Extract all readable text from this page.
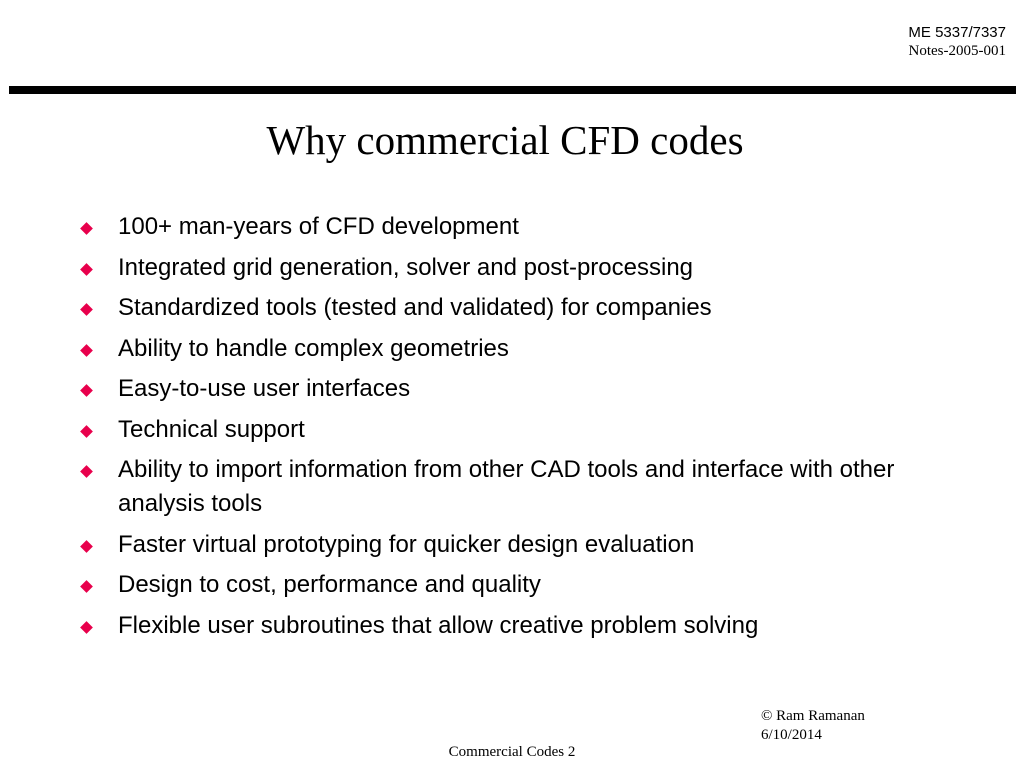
ME 5337/7337
Notes-2005-001
Why commercial CFD codes
100+ man-years of CFD development
Integrated grid generation, solver and post-processing
Standardized tools (tested and validated) for companies
Ability to handle complex geometries
Easy-to-use user interfaces
Technical support
Ability to import information from other CAD tools and interface with other analysis tools
Faster virtual prototyping for quicker design evaluation
Design to cost, performance and quality
Flexible user subroutines that allow creative problem solving
© Ram Ramanan
6/10/2014
Commercial Codes 2
